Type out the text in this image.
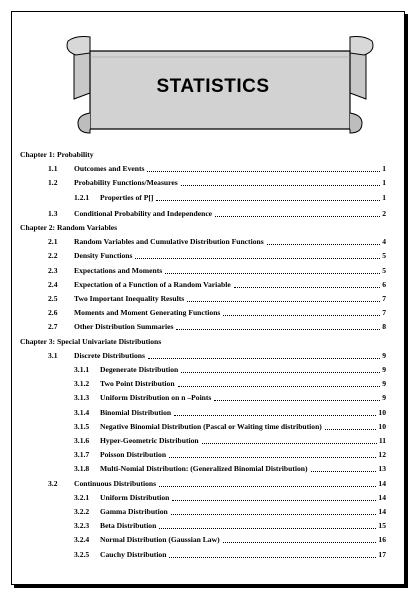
STATISTICS
Chapter 1: Probability
1.1	Outcomes and Events	1
1.2	Probability Functions/Measures	1
1.2.1	Properties of P[]	1
1.3	Conditional Probability and Independence	2
Chapter 2: Random Variables
2.1	Random Variables and Cumulative Distribution Functions	4
2.2	Density Functions	5
2.3	Expectations and Moments	5
2.4	Expectation of a Function of a Random Variable	6
2.5	Two Important Inequality Results	7
2.6	Moments and Moment Generating Functions	7
2.7	Other Distribution Summaries	8
Chapter 3: Special Univariate Distributions
3.1	Discrete Distributions	9
3.1.1	Degenerate Distribution	9
3.1.2	Two Point Distribution	9
3.1.3	Uniform Distribution on n –Points	9
3.1.4	Binomial Distribution	10
3.1.5	Negative Binomial Distribution (Pascal or Waiting time distribution)	10
3.1.6	Hyper-Geometric Distribution	11
3.1.7	Poisson Distribution	12
3.1.8	Multi-Nomial Distribution: (Generalized Binomial Distribution)	13
3.2	Continuous Distributions	14
3.2.1	Uniform Distribution	14
3.2.2	Gamma Distribution	14
3.2.3	Beta Distribution	15
3.2.4	Normal Distribution (Gaussian Law)	16
3.2.5	Cauchy Distribution	17
